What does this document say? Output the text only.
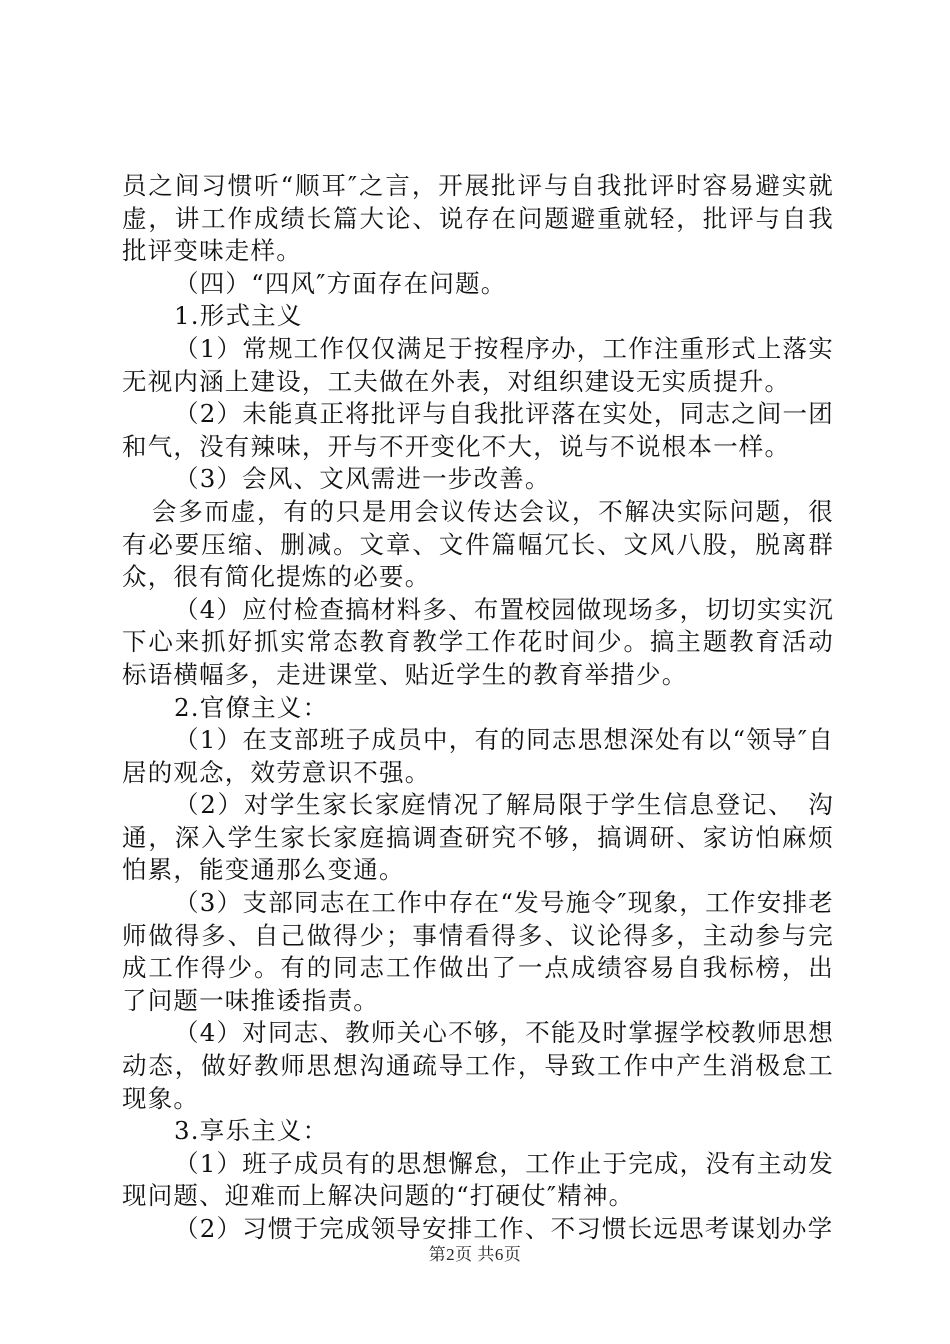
员之间习惯听“顺耳″之言，开展批评与自我批评时容易避实就虚，讲工作成绩长篇大论、说存在问题避重就轻，批评与自我批评变味走样。

（四）“四风″方面存在问题。

1.形式主义

（1）常规工作仅仅满足于按程序办，工作注重形式上落实无视内涵上建设，工夫做在外表，对组织建设无实质提升。

（2）未能真正将批评与自我批评落在实处，同志之间一团和气，没有辣味，开与不开变化不大，说与不说根本一样。

（3）会风、文风需进一步改善。

会多而虚，有的只是用会议传达会议，不解决实际问题，很有必要压缩、删减。文章、文件篇幅冗长、文风八股，脱离群众，很有简化提炼的必要。

（4）应付检查搞材料多、布置校园做现场多，切切实实沉下心来抓好抓实常态教育教学工作花时间少。搞主题教育活动标语横幅多，走进课堂、贴近学生的教育举措少。

2.官僚主义：

（1）在支部班子成员中，有的同志思想深处有以“领导″自居的观念，效劳意识不强。

（2）对学生家长家庭情况了解局限于学生信息登记、　沟通，深入学生家长家庭搞调查研究不够，搞调研、家访怕麻烦怕累，能变通那么变通。

（3）支部同志在工作中存在“发号施令″现象，工作安排老师做得多、自己做得少；事情看得多、议论得多，主动参与完成工作得少。有的同志工作做出了一点成绩容易自我标榜，出了问题一味推诿指责。

（4）对同志、教师关心不够，不能及时掌握学校教师思想动态，做好教师思想沟通疏导工作，导致工作中产生消极怠工现象。

3.享乐主义：

（1）班子成员有的思想懈怠，工作止于完成，没有主动发现问题、迎难而上解决问题的“打硬仗″精神。

（2）习惯于完成领导安排工作、不习惯长远思考谋划办学

第2页 共6页
